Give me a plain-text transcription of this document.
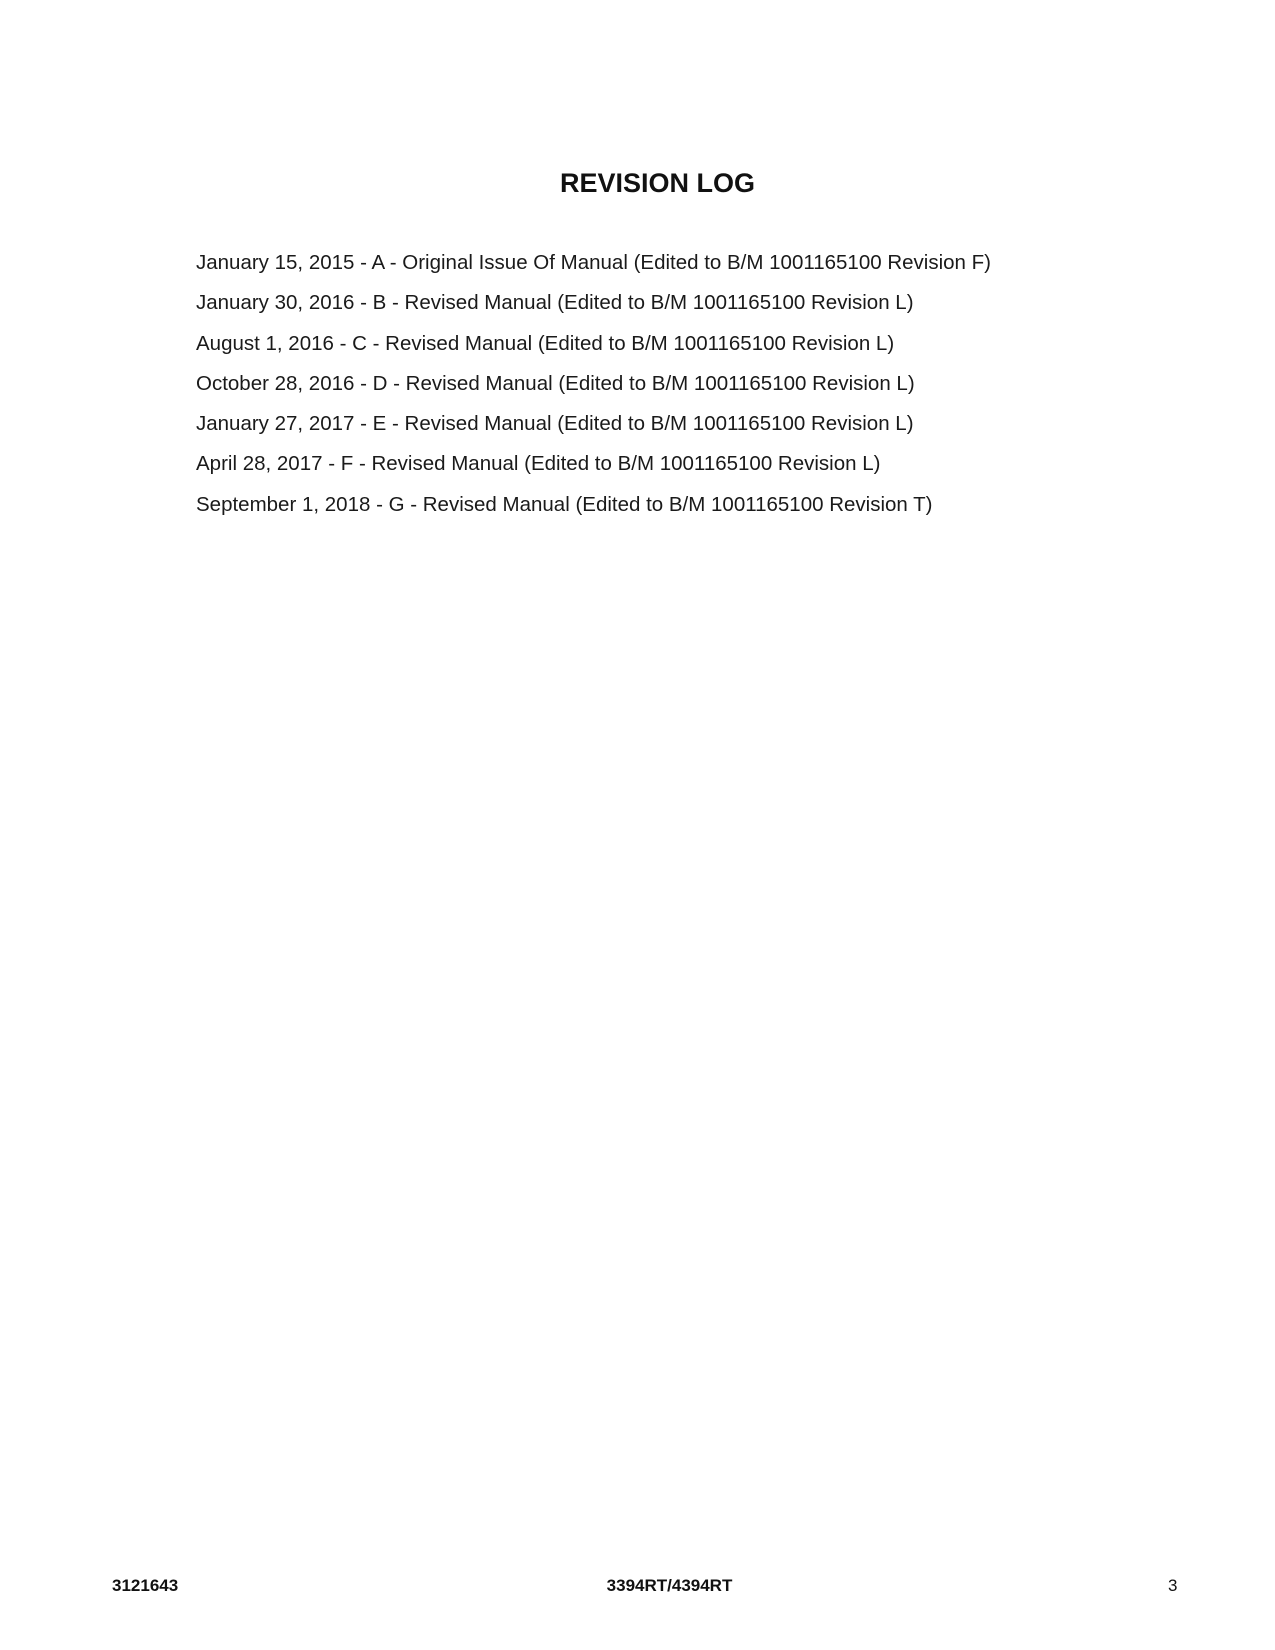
REVISION LOG
January 15, 2015 - A - Original Issue Of Manual (Edited to B/M 1001165100 Revision F)
January 30, 2016 - B - Revised Manual (Edited to B/M 1001165100 Revision L)
August 1, 2016 - C - Revised Manual (Edited to B/M 1001165100 Revision L)
October 28, 2016 - D - Revised Manual (Edited to B/M 1001165100 Revision L)
January 27, 2017 - E - Revised Manual (Edited to B/M 1001165100 Revision L)
April 28, 2017 - F - Revised Manual (Edited to B/M 1001165100 Revision L)
September 1, 2018 - G - Revised Manual (Edited to B/M 1001165100 Revision T)
3121643	3394RT/4394RT	3
